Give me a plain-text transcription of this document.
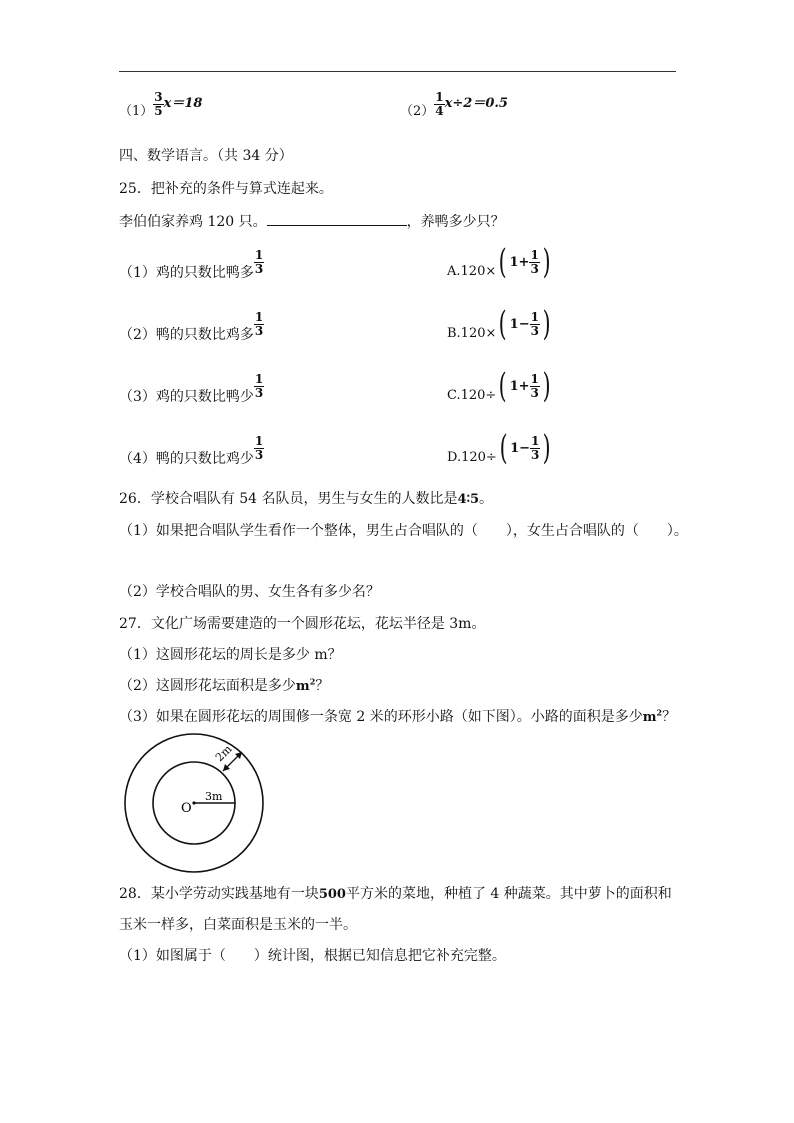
$(1) \frac{3}{5} x=18$
$(2) \frac{1}{4} x\div 2=0.5$
四、数学语言。（共 34 分）
25．把补充的条件与算式连起来。
李伯伯家养鸡 120 只。	，养鸭多少只？
（1）鸡的只数比鸭多 $\frac{1}{3}$
（2）鸭的只数比鸡多 $\frac{1}{3}$
（3）鸡的只数比鸭少 $\frac{1}{3}$
（4）鸭的只数比鸡少 $\frac{1}{3}$
A.120×( $1+ \frac{1}{3}$ )
B.120×( $1- \frac{1}{3}$ )
C.120÷( $1+ \frac{1}{3}$ )
D.120÷( $1- \frac{1}{3}$ )
26．学校合唱队有 54 名队员，男生与女生的人数比是4∶5。
（1）如果把合唱队学生看作一个整体，男生占合唱队的（　　），女生占合唱队的（　　）。
（2）学校合唱队的男、女生各有多少名？
27．文化广场需要建造的一个圆形花坛，花坛半径是 3m。
（1）这圆形花坛的周长是多少 m？
（2）这圆形花坛面积是多少$m^2$？
（3）如果在圆形花坛的周围修一条宽 2 米的环形小路（如下图）。小路的面积是多少$m^2$？
O
3m
2m
28．某小学劳动实践基地有一块500平方米的菜地，种植了 4 种蔬菜。其中萝卜的面积和
玉米一样多，白菜面积是玉米的一半。
（1）如图属于（　　）统计图，根据已知信息把它补充完整。
